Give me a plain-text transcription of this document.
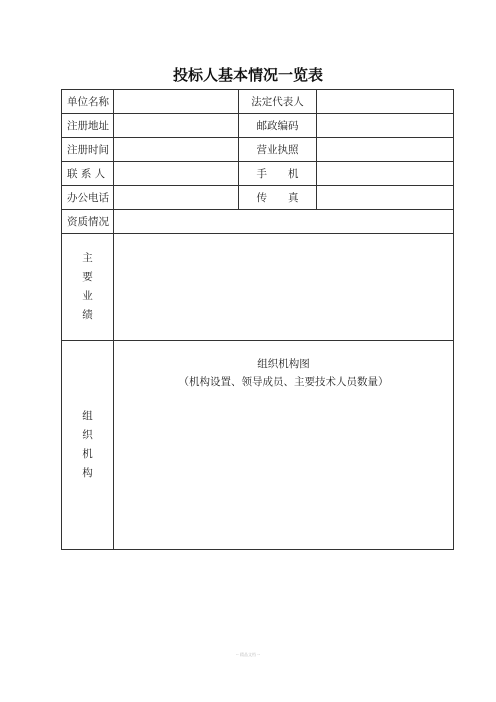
投标人基本情况一览表
单位名称		法定代表人	
注册地址		邮政编码	
注册时间		营业执照	
联 系 人		手　　机	
办公电话		传　　真	
资质情况			
主要业绩			
组织机构	组织机构图
（机构设置、领导成员、主要技术人员数量）		
-- 精品文档 --
